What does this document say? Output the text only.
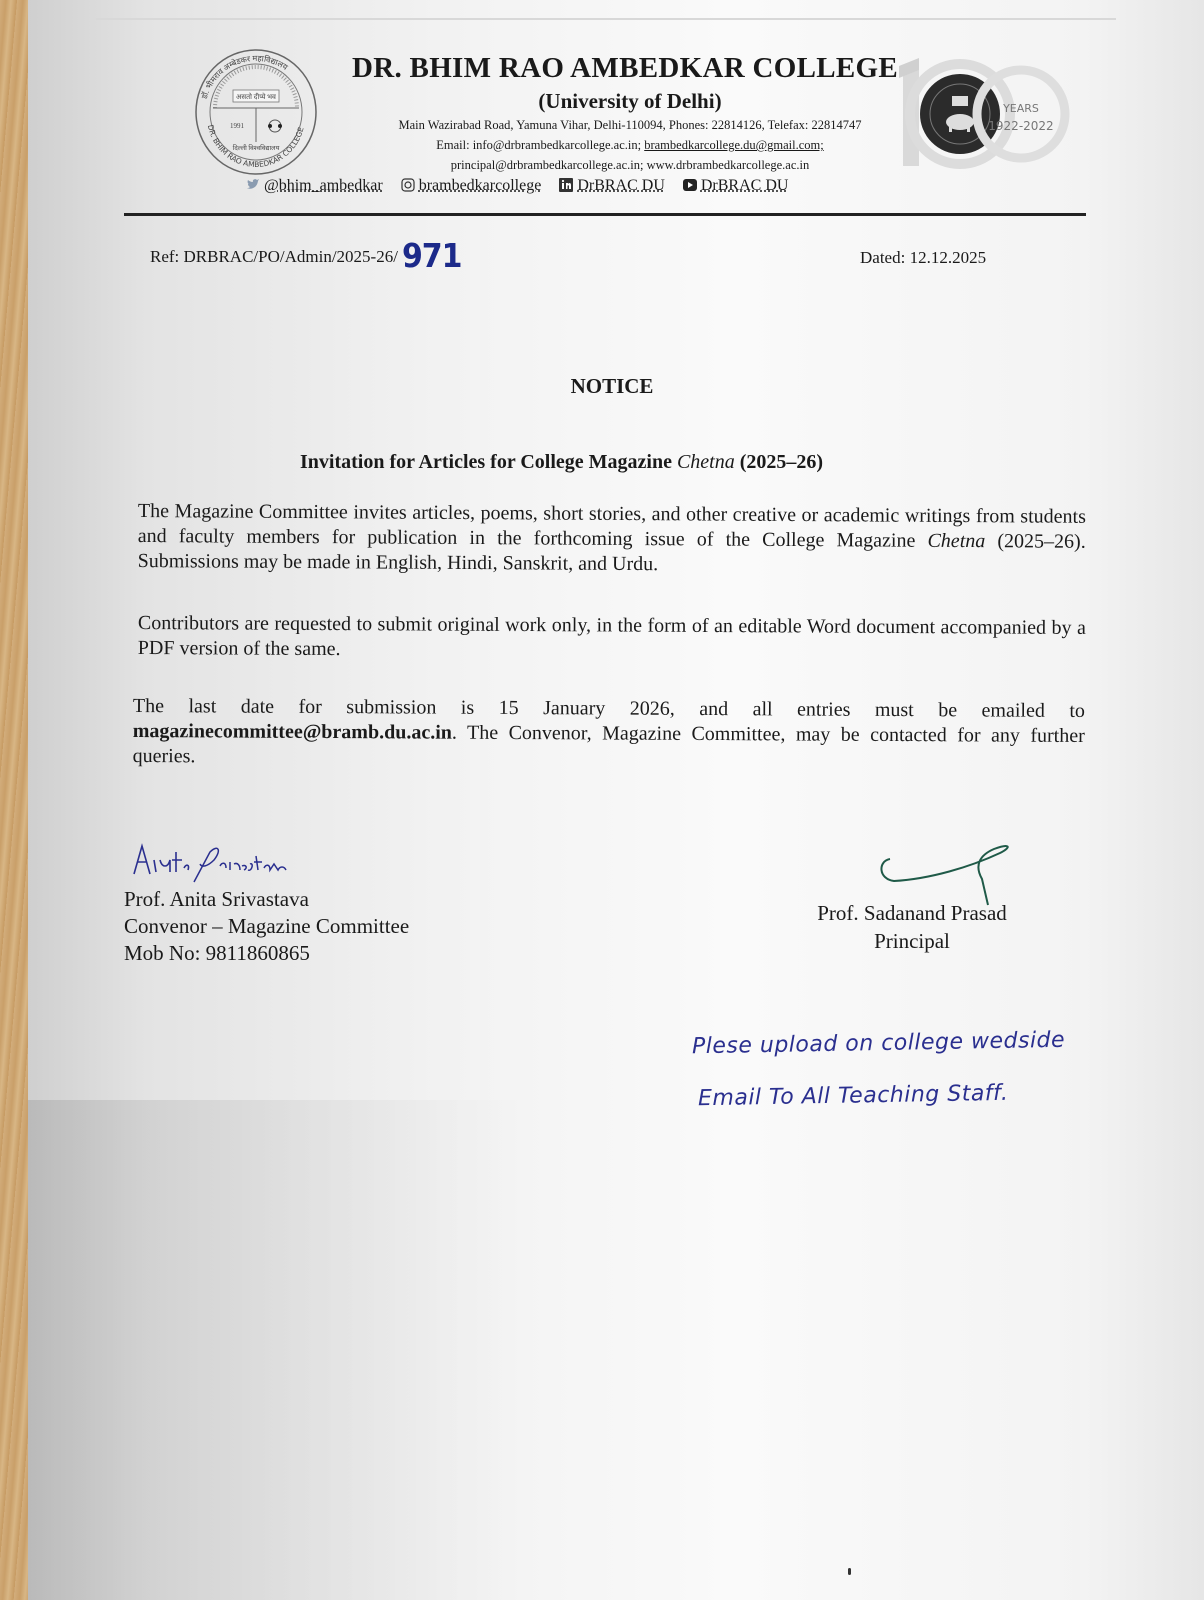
असतो दीप्ये भव
1991
दिल्ली विश्वविद्यालय
डॉ. भीमराव अम्बेडकर महाविद्यालय
DR. BHIM RAO AMBEDKAR COLLEGE
DR. BHIM RAO AMBEDKAR COLLEGE
(University of Delhi)
Main Wazirabad Road, Yamuna Vihar, Delhi-110094, Phones: 22814126, Telefax: 22814747
Email: info@drbrambedkarcollege.ac.in; brambedkarcollege.du@gmail.com;
principal@drbrambedkarcollege.ac.in; www.drbrambedkarcollege.ac.in
@bhim_ambedkar brambedkarcollege DrBRAC DU DrBRAC DU
YEARS
1922-2022
Ref: DRBRAC/PO/Admin/2025-26/ 971	Dated: 12.12.2025
NOTICE
Invitation for Articles for College Magazine Chetna (2025–26)
The Magazine Committee invites articles, poems, short stories, and other creative or academic writings from students and faculty members for publication in the forthcoming issue of the College Magazine Chetna (2025–26). Submissions may be made in English, Hindi, Sanskrit, and Urdu.
Contributors are requested to submit original work only, in the form of an editable Word document accompanied by a PDF version of the same.
The last date for submission is 15 January 2026, and all entries must be emailed to magazinecommittee@bramb.du.ac.in. The Convenor, Magazine Committee, may be contacted for any further queries.
Prof. Anita Srivastava
Convenor – Magazine Committee
Mob No: 9811860865
Prof. Sadanand Prasad
Principal
Plese upload on college wedside
Email To All Teaching Staff.
